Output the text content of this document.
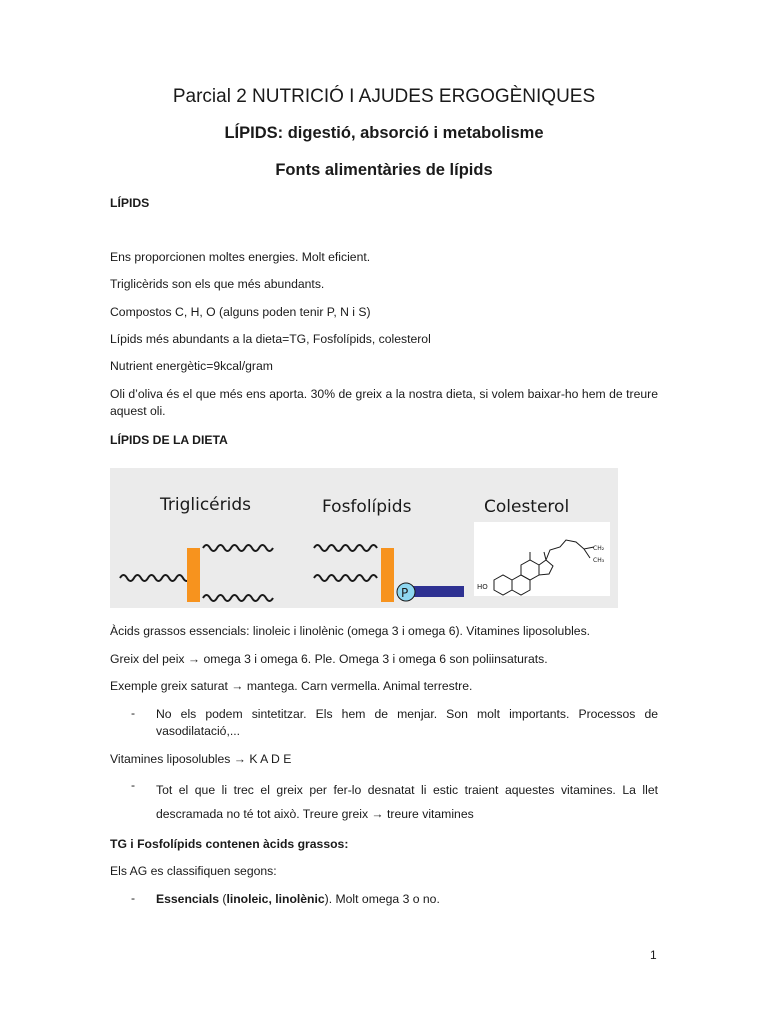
Parcial 2 NUTRICIÓ I AJUDES ERGOGÈNIQUES
LÍPIDS: digestió, absorció i metabolisme
Fonts alimentàries de lípids

LÍPIDS

Ens proporcionen moltes energies. Molt eficient.

Triglicèrids son els que més abundants.

Compostos C, H, O (alguns poden tenir P, N i S)

Lípids més abundants a la dieta=TG, Fosfolípids, colesterol

Nutrient energètic=9kcal/gram

Oli d’oliva és el que més ens aporta. 30% de greix a la nostra dieta, si volem baixar-ho hem de treure aquest oli.

LÍPIDS DE LA DIETA

Triglicérids	Fosfolípids	Colesterol
P	HO
CH₂
CH₃

Àcids grassos essencials: linoleic i linolènic (omega 3 i omega 6). Vitamines liposolubles.

Greix del peix → omega 3 i omega 6. Ple. Omega 3 i omega 6 son poliinsaturats.

Exemple greix saturat → mantega. Carn vermella. Animal terrestre.

- No els podem sintetitzar. Els hem de menjar. Son molt importants. Processos de vasodilatació,...

Vitamines liposolubles → K A D E

- Tot el que li trec el greix per fer-lo desnatat li estic traient aquestes vitamines. La llet descramada no té tot això. Treure greix → treure vitamines

TG i Fosfolípids contenen àcids grassos:

Els AG es classifiquen segons:

- Essencials (linoleic, linolènic). Molt omega 3 o no.

1
